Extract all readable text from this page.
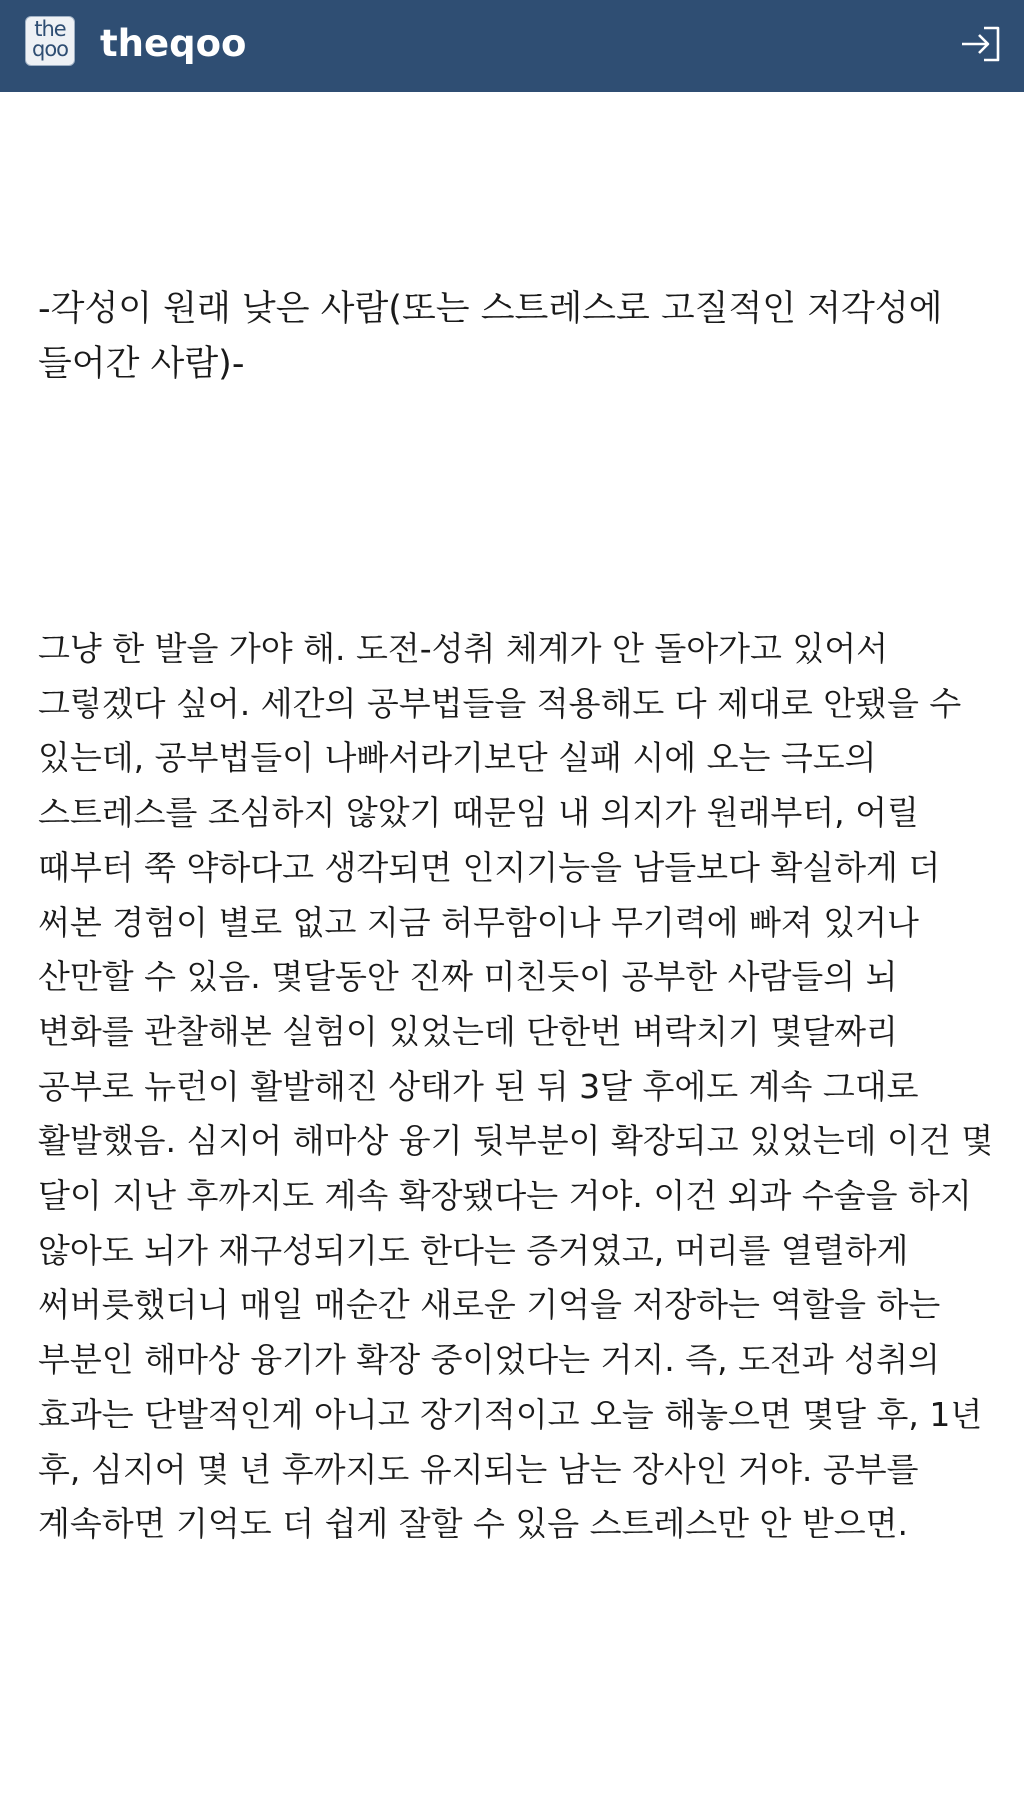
the
qoo theqoo

-각성이 원래 낮은 사람(또는 스트레스로 고질적인 저각성에 들어간 사람)-

그냥 한 발을 가야 해. 도전-성취 체계가 안 돌아가고 있어서 그렇겠다 싶어. 세간의 공부법들을 적용해도 다 제대로 안됐을 수 있는데, 공부법들이 나빠서라기보단 실패 시에 오는 극도의 스트레스를 조심하지 않았기 때문임 내 의지가 원래부터, 어릴 때부터 쭉 약하다고 생각되면 인지기능을 남들보다 확실하게 더 써본 경험이 별로 없고 지금 허무함이나 무기력에 빠져 있거나 산만할 수 있음. 몇달동안 진짜 미친듯이 공부한 사람들의 뇌 변화를 관찰해본 실험이 있었는데 단한번 벼락치기 몇달짜리 공부로 뉴런이 활발해진 상태가 된 뒤 3달 후에도 계속 그대로 활발했음. 심지어 해마상 융기 뒷부분이 확장되고 있었는데 이건 몇 달이 지난 후까지도 계속 확장됐다는 거야. 이건 외과 수술을 하지 않아도 뇌가 재구성되기도 한다는 증거였고, 머리를 열렬하게 써버릇했더니 매일 매순간 새로운 기억을 저장하는 역할을 하는 부분인 해마상 융기가 확장 중이었다는 거지. 즉, 도전과 성취의 효과는 단발적인게 아니고 장기적이고 오늘 해놓으면 몇달 후, 1년 후, 심지어 몇 년 후까지도 유지되는 남는 장사인 거야. 공부를 계속하면 기억도 더 쉽게 잘할 수 있음 스트레스만 안 받으면.
